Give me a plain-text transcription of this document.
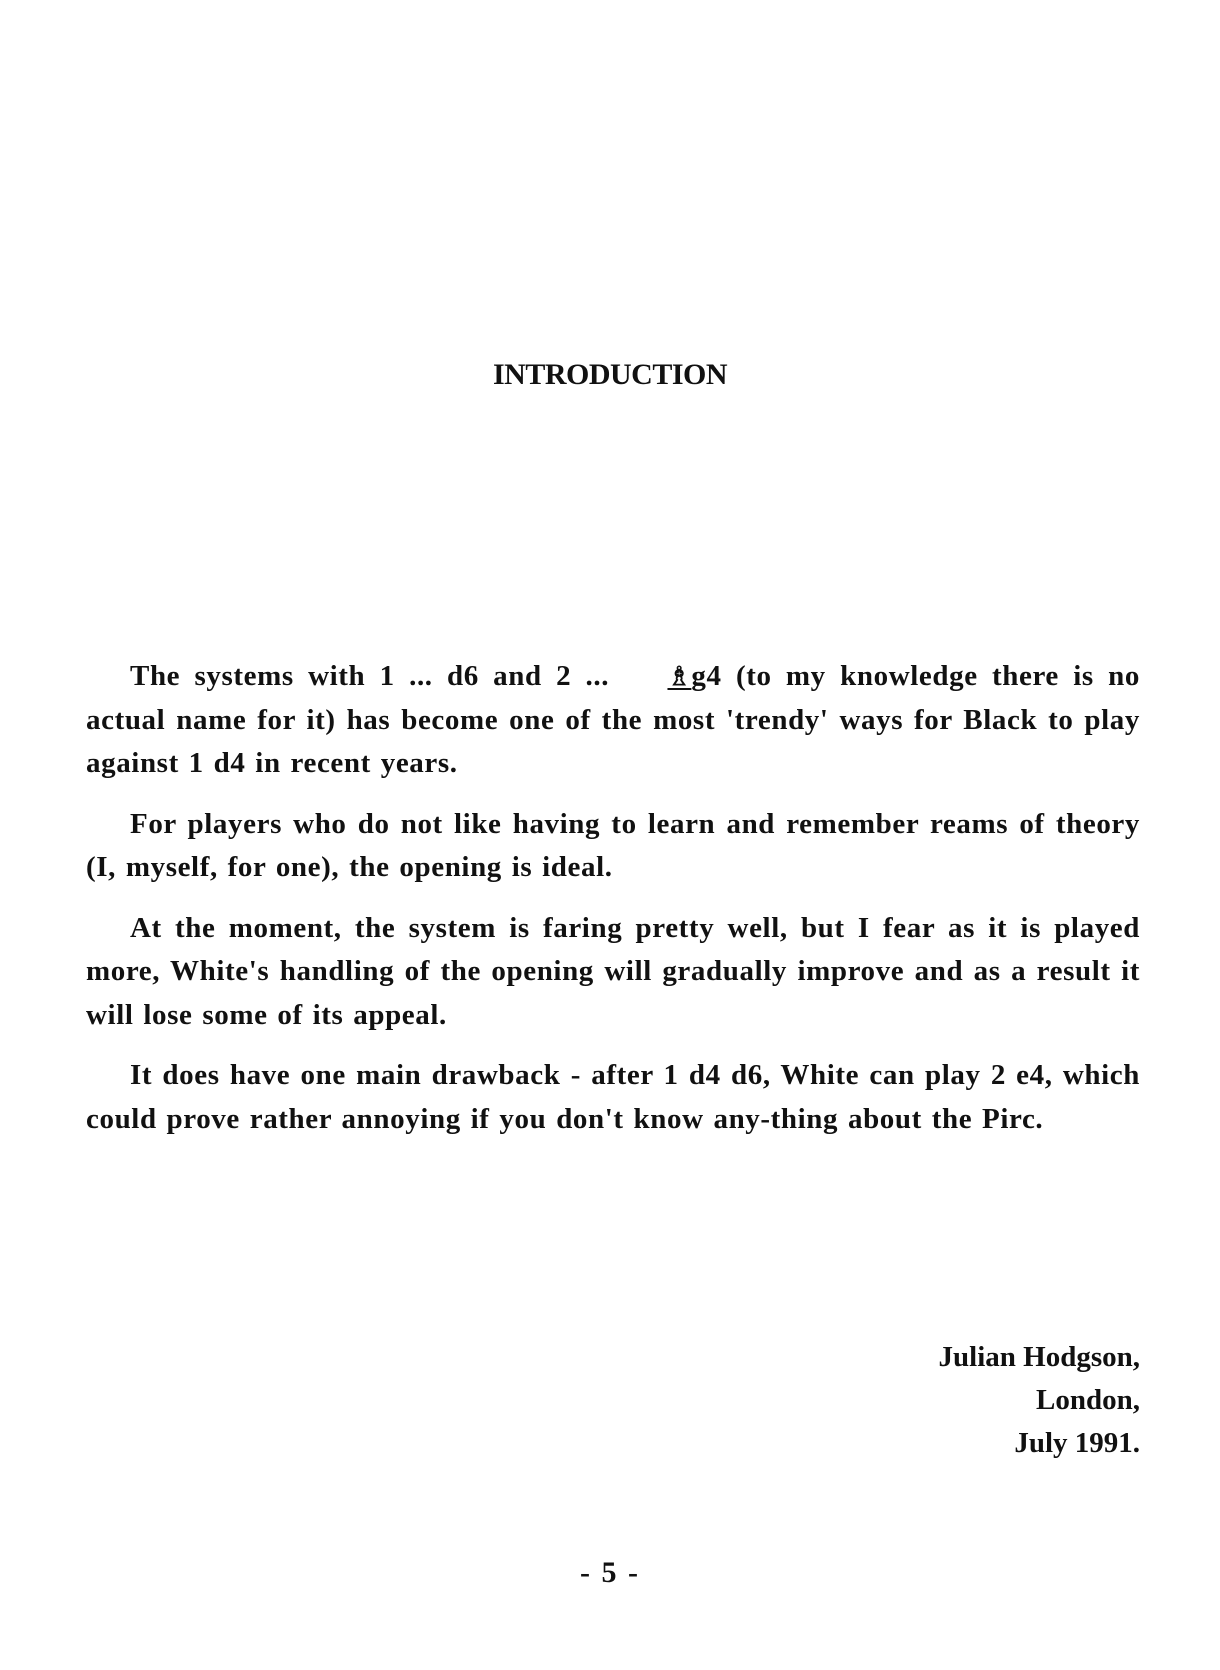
INTRODUCTION

The systems with 1 ... d6 and 2 ... ♗g4 (to my knowledge there is no actual name for it) has become one of the most 'trendy' ways for Black to play against 1 d4 in recent years.

For players who do not like having to learn and remember reams of theory (I, myself, for one), the opening is ideal.

At the moment, the system is faring pretty well, but I fear as it is played more, White's handling of the opening will gradually improve and as a result it will lose some of its appeal.

It does have one main drawback - after 1 d4 d6, White can play 2 e4, which could prove rather annoying if you don't know any-thing about the Pirc.

Julian Hodgson,
London,
July 1991.
- 5 -
